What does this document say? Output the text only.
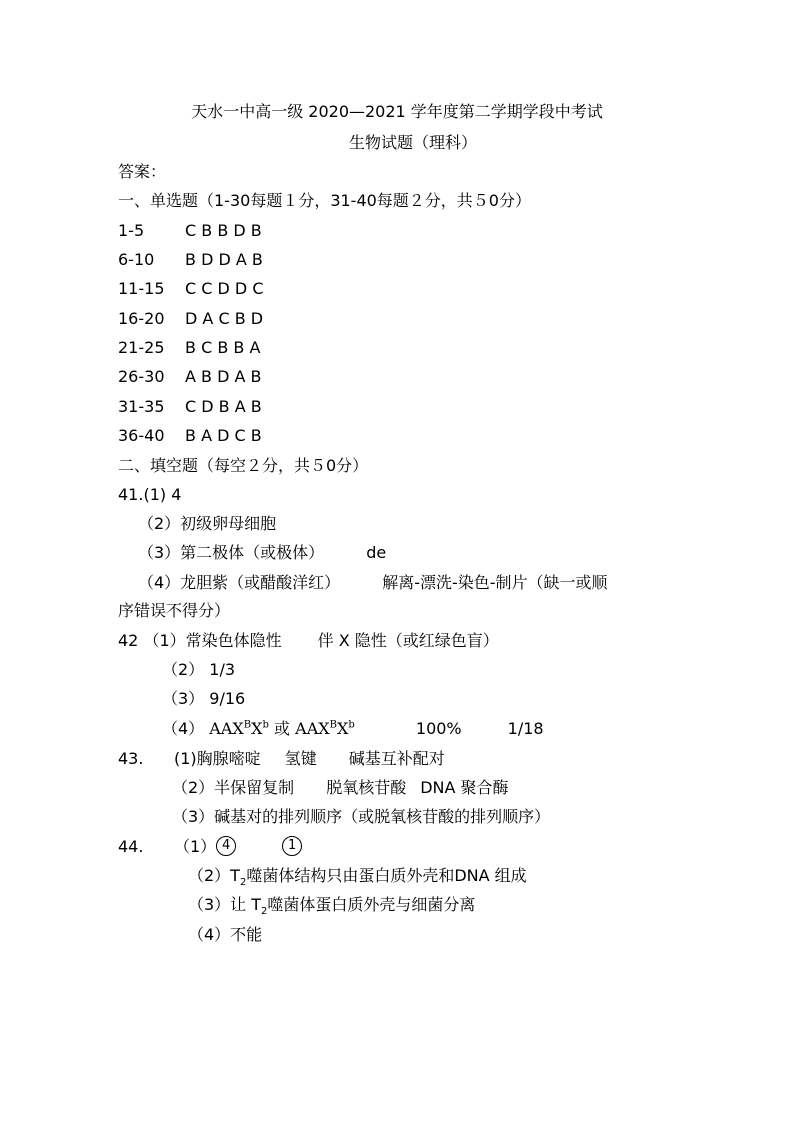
天水一中高一级 2020—2021 学年度第二学期学段中考试
生物试题（理科）
答案：
一、单选题（1-30每题１分，31-40每题２分，共５0分）
1-5	C B B D B
6-10 B D D A B
11-15 C C D D C
16-20 D A C B D
21-25 B C B B A
26-30 A B D A B
31-35 C D B A B
36-40 B A D C B
二、填空题（每空２分，共５0分）
41.(1) 4
（2）初级卵母细胞
（3）第二极体（或极体）	de
（4）龙胆紫（或醋酸洋红）	解离-漂洗-染色-制片（缺一或顺
序错误不得分）
42 （1）常染色体隐性 伴 X 隐性（或红绿色盲）
（2） 1/3
（3） 9/16
（4） $AAX^BX^b$ 或 $AAX^BX^b$	100%	1/18
43. (1)胸腺嘧啶 氢键 碱基互补配对
（2）半保留复制 脱氧核苷酸 DNA 聚合酶
（3）碱基对的排列顺序（或脱氧核苷酸的排列顺序）
44. （1） 4	1
$(2)T_2$噬菌体结构只由蛋白质外壳和DNA 组成
（3）让 $T_2$噬菌体蛋白质外壳与细菌分离
（4）不能
